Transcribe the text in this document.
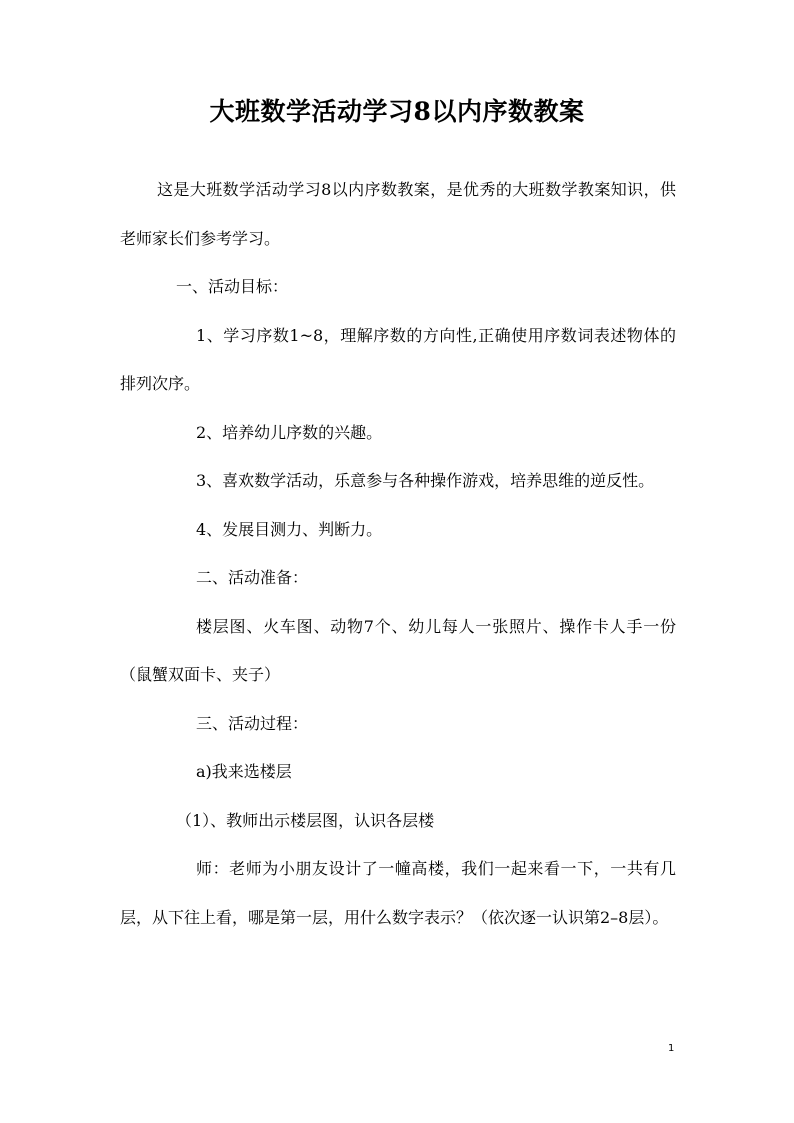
大班数学活动学习8以内序数教案

这是大班数学活动学习8以内序数教案，是优秀的大班数学教案知识，供老师家长们参考学习。

一、活动目标：

1、学习序数1~8，理解序数的方向性,正确使用序数词表述物体的排列次序。

2、培养幼儿序数的兴趣。

3、喜欢数学活动，乐意参与各种操作游戏，培养思维的逆反性。

4、发展目测力、判断力。

二、活动准备：

楼层图、火车图、动物7个、幼儿每人一张照片、操作卡人手一份（鼠蟹双面卡、夹子）

三、活动过程：

a)我来选楼层

（1）、教师出示楼层图，认识各层楼

师：老师为小朋友设计了一幢高楼，我们一起来看一下，一共有几层，从下往上看，哪是第一层，用什么数字表示？（依次逐一认识第2–8层）。

1
